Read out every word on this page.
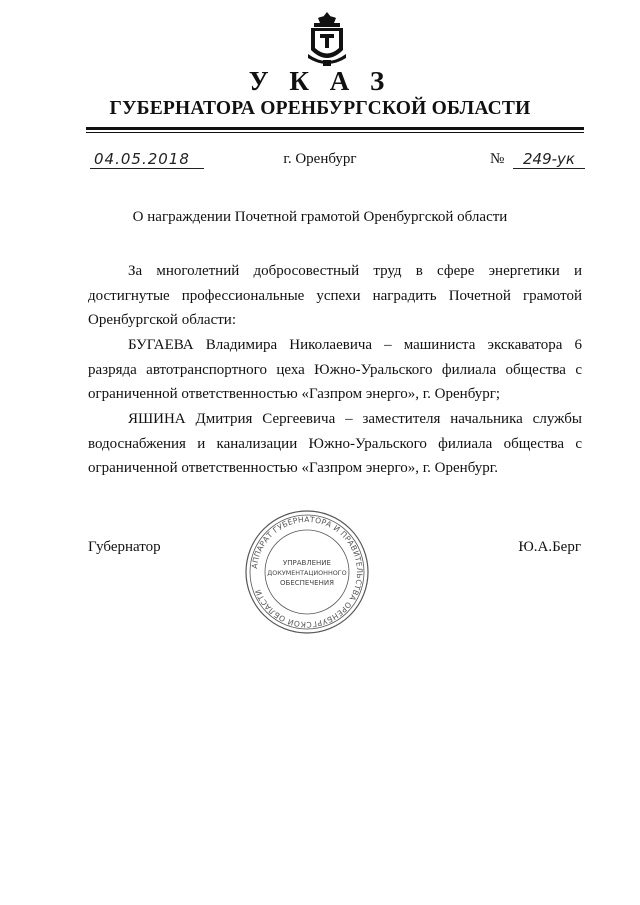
У К А З
ГУБЕРНАТОРА ОРЕНБУРГСКОЙ ОБЛАСТИ
04.05.2018	г. Оренбург	№	249-ук
О награждении Почетной грамотой Оренбургской области
За многолетний добросовестный труд в сфере энергетики и достигнутые профессиональные успехи наградить Почетной грамотой Оренбургской области:
БУГАЕВА Владимира Николаевича – машиниста экскаватора 6 разряда автотранспортного цеха Южно-Уральского филиала общества с ограниченной ответственностью «Газпром энерго», г. Оренбург;
ЯШИНА Дмитрия Сергеевича – заместителя начальника службы водоснабжения и канализации Южно-Уральского филиала общества с ограниченной ответственностью «Газпром энерго», г. Оренбург.
Губернатор	Ю.А.Берг
АППАРАТ ГУБЕРНАТОРА И ПРАВИТЕЛЬСТВА ОРЕНБУРГСКОЙ ОБЛАСТИ
УПРАВЛЕНИЕ
ДОКУМЕНТАЦИОННОГО
ОБЕСПЕЧЕНИЯ
